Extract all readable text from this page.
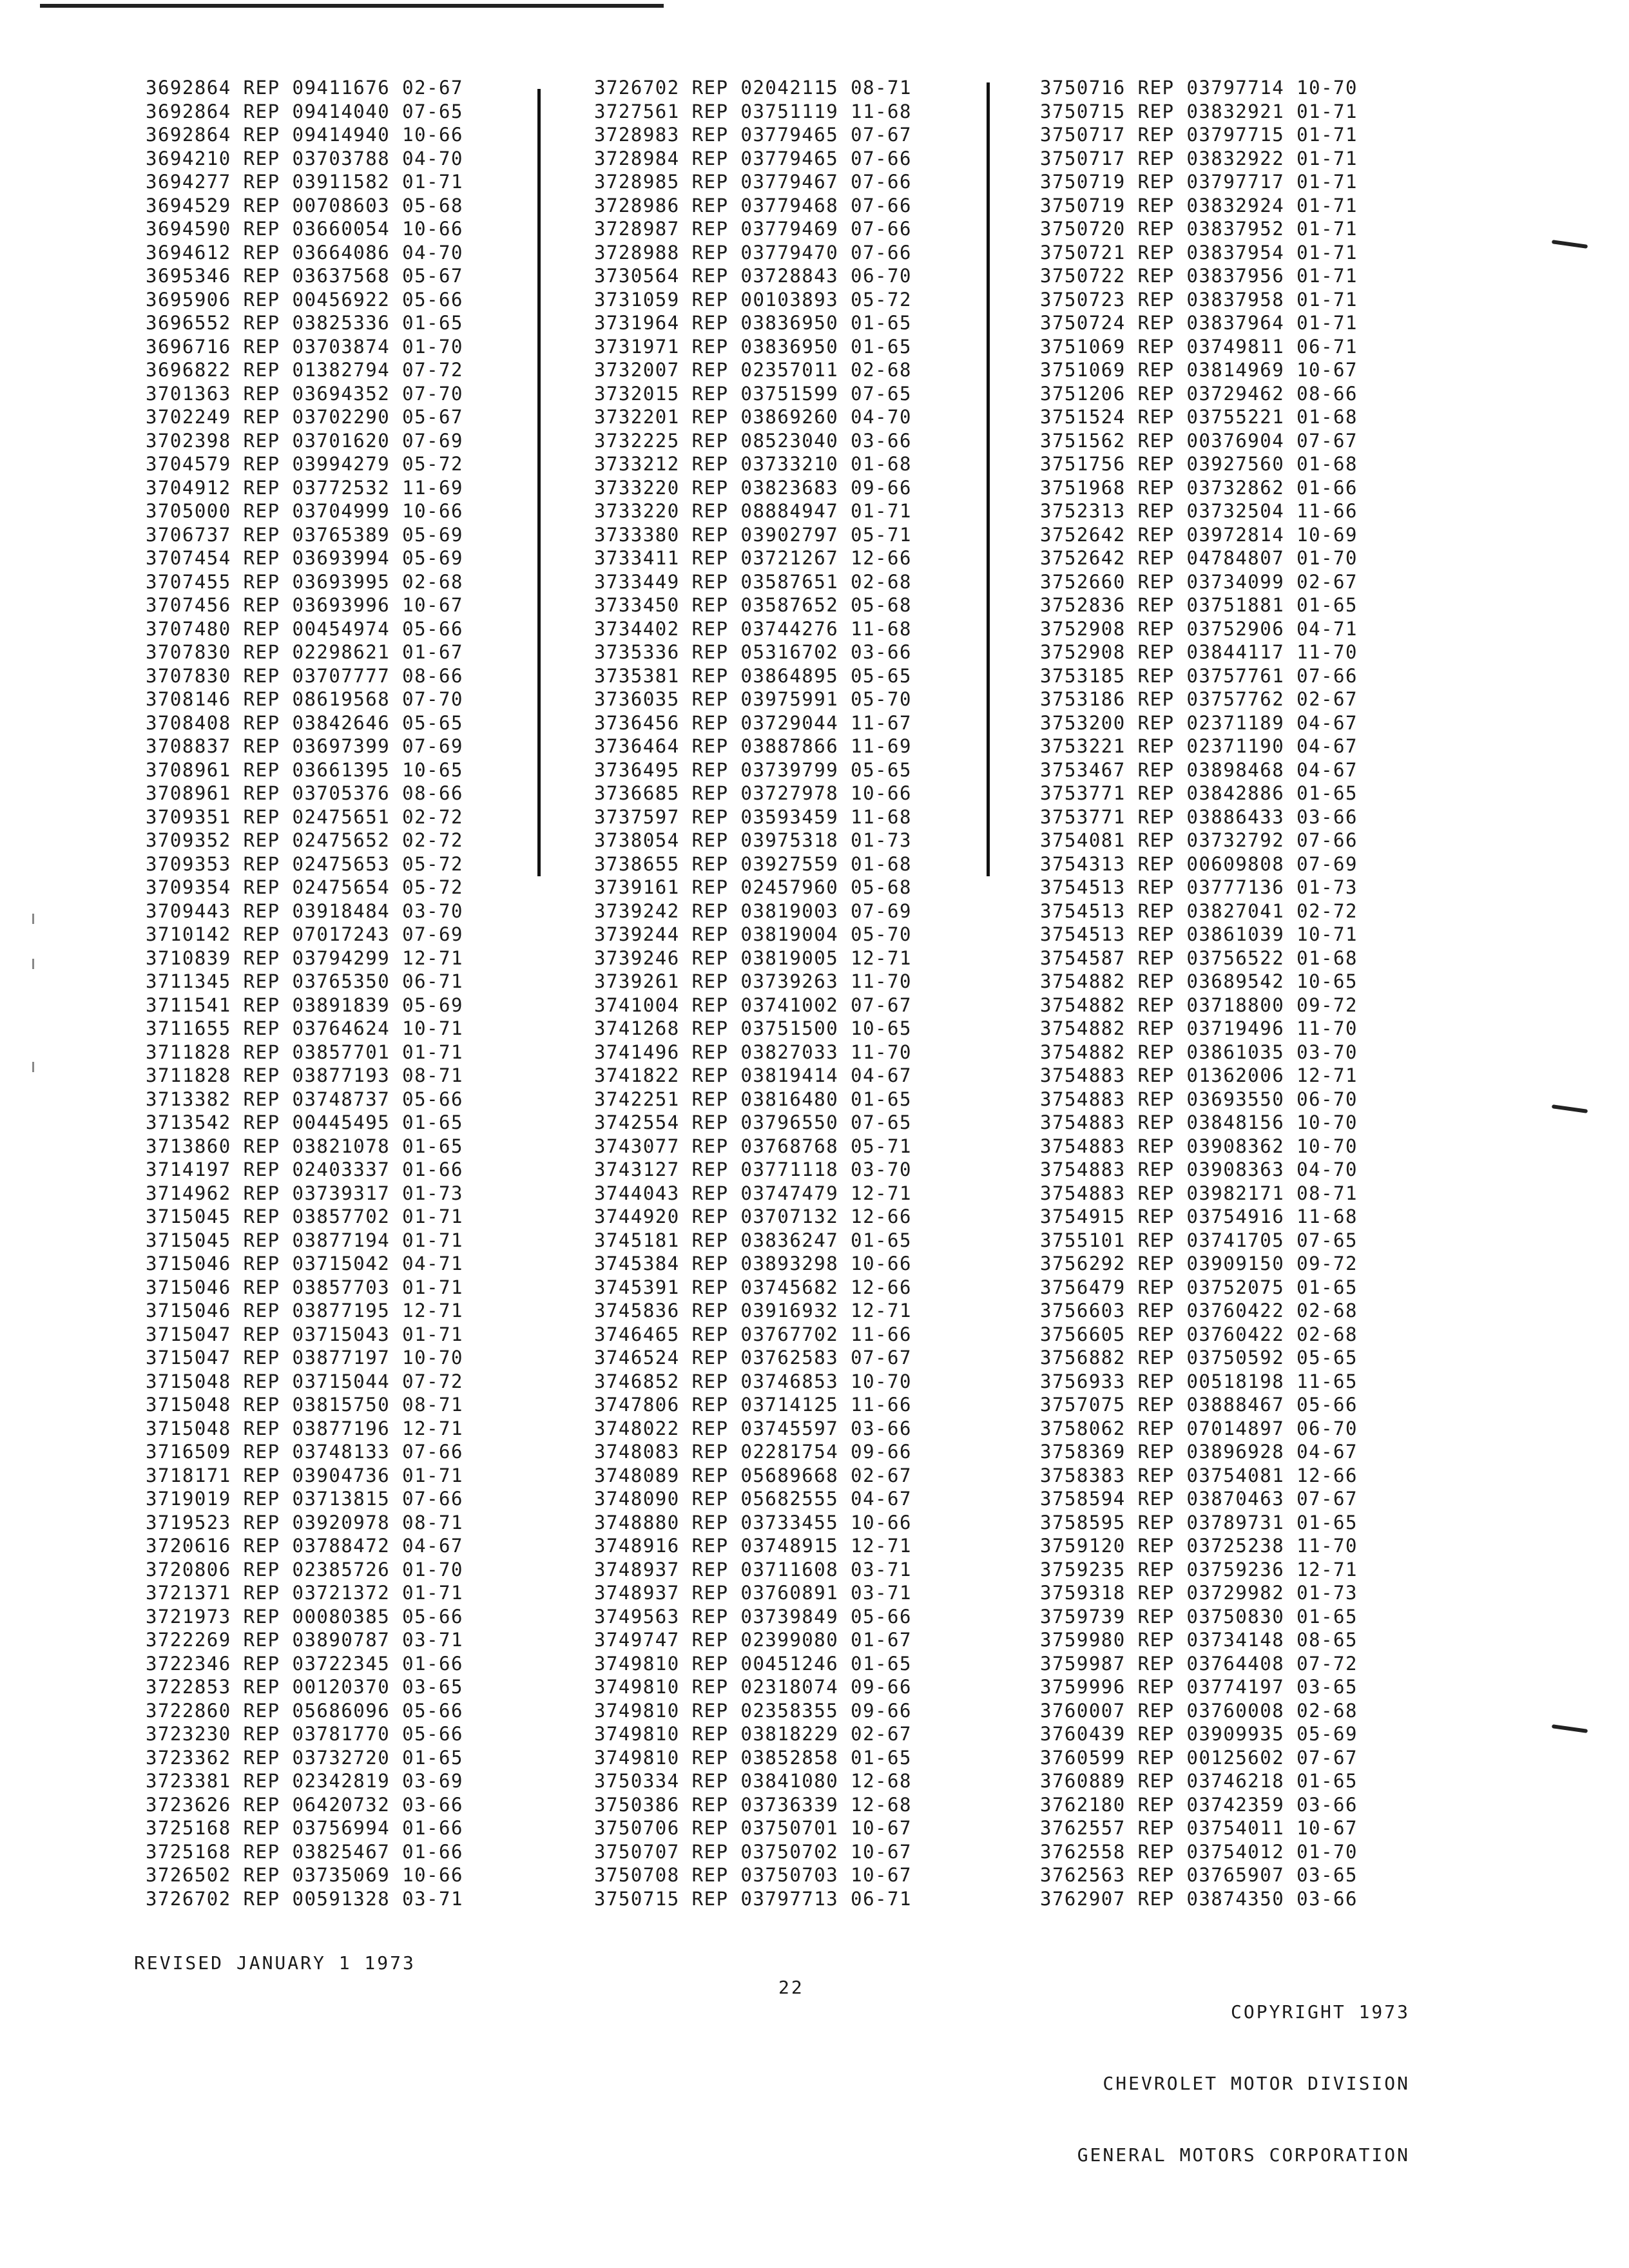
3692864 REP 09411676 02-67
3692864 REP 09414040 07-65
3692864 REP 09414940 10-66
3694210 REP 03703788 04-70
3694277 REP 03911582 01-71
3694529 REP 00708603 05-68
3694590 REP 03660054 10-66
3694612 REP 03664086 04-70
3695346 REP 03637568 05-67
3695906 REP 00456922 05-66
3696552 REP 03825336 01-65
3696716 REP 03703874 01-70
3696822 REP 01382794 07-72
3701363 REP 03694352 07-70
3702249 REP 03702290 05-67
3702398 REP 03701620 07-69
3704579 REP 03994279 05-72
3704912 REP 03772532 11-69
3705000 REP 03704999 10-66
3706737 REP 03765389 05-69
3707454 REP 03693994 05-69
3707455 REP 03693995 02-68
3707456 REP 03693996 10-67
3707480 REP 00454974 05-66
3707830 REP 02298621 01-67
3707830 REP 03707777 08-66
3708146 REP 08619568 07-70
3708408 REP 03842646 05-65
3708837 REP 03697399 07-69
3708961 REP 03661395 10-65
3708961 REP 03705376 08-66
3709351 REP 02475651 02-72
3709352 REP 02475652 02-72
3709353 REP 02475653 05-72
3709354 REP 02475654 05-72
3709443 REP 03918484 03-70
3710142 REP 07017243 07-69
3710839 REP 03794299 12-71
3711345 REP 03765350 06-71
3711541 REP 03891839 05-69
3711655 REP 03764624 10-71
3711828 REP 03857701 01-71
3711828 REP 03877193 08-71
3713382 REP 03748737 05-66
3713542 REP 00445495 01-65
3713860 REP 03821078 01-65
3714197 REP 02403337 01-66
3714962 REP 03739317 01-73
3715045 REP 03857702 01-71
3715045 REP 03877194 01-71
3715046 REP 03715042 04-71
3715046 REP 03857703 01-71
3715046 REP 03877195 12-71
3715047 REP 03715043 01-71
3715047 REP 03877197 10-70
3715048 REP 03715044 07-72
3715048 REP 03815750 08-71
3715048 REP 03877196 12-71
3716509 REP 03748133 07-66
3718171 REP 03904736 01-71
3719019 REP 03713815 07-66
3719523 REP 03920978 08-71
3720616 REP 03788472 04-67
3720806 REP 02385726 01-70
3721371 REP 03721372 01-71
3721973 REP 00080385 05-66
3722269 REP 03890787 03-71
3722346 REP 03722345 01-66
3722853 REP 00120370 03-65
3722860 REP 05686096 05-66
3723230 REP 03781770 05-66
3723362 REP 03732720 01-65
3723381 REP 02342819 03-69
3723626 REP 06420732 03-66
3725168 REP 03756994 01-66
3725168 REP 03825467 01-66
3726502 REP 03735069 10-66
3726702 REP 00591328 03-71
3726702 REP 02042115 08-71
3727561 REP 03751119 11-68
3728983 REP 03779465 07-67
3728984 REP 03779465 07-66
3728985 REP 03779467 07-66
3728986 REP 03779468 07-66
3728987 REP 03779469 07-66
3728988 REP 03779470 07-66
3730564 REP 03728843 06-70
3731059 REP 00103893 05-72
3731964 REP 03836950 01-65
3731971 REP 03836950 01-65
3732007 REP 02357011 02-68
3732015 REP 03751599 07-65
3732201 REP 03869260 04-70
3732225 REP 08523040 03-66
3733212 REP 03733210 01-68
3733220 REP 03823683 09-66
3733220 REP 08884947 01-71
3733380 REP 03902797 05-71
3733411 REP 03721267 12-66
3733449 REP 03587651 02-68
3733450 REP 03587652 05-68
3734402 REP 03744276 11-68
3735336 REP 05316702 03-66
3735381 REP 03864895 05-65
3736035 REP 03975991 05-70
3736456 REP 03729044 11-67
3736464 REP 03887866 11-69
3736495 REP 03739799 05-65
3736685 REP 03727978 10-66
3737597 REP 03593459 11-68
3738054 REP 03975318 01-73
3738655 REP 03927559 01-68
3739161 REP 02457960 05-68
3739242 REP 03819003 07-69
3739244 REP 03819004 05-70
3739246 REP 03819005 12-71
3739261 REP 03739263 11-70
3741004 REP 03741002 07-67
3741268 REP 03751500 10-65
3741496 REP 03827033 11-70
3741822 REP 03819414 04-67
3742251 REP 03816480 01-65
3742554 REP 03796550 07-65
3743077 REP 03768768 05-71
3743127 REP 03771118 03-70
3744043 REP 03747479 12-71
3744920 REP 03707132 12-66
3745181 REP 03836247 01-65
3745384 REP 03893298 10-66
3745391 REP 03745682 12-66
3745836 REP 03916932 12-71
3746465 REP 03767702 11-66
3746524 REP 03762583 07-67
3746852 REP 03746853 10-70
3747806 REP 03714125 11-66
3748022 REP 03745597 03-66
3748083 REP 02281754 09-66
3748089 REP 05689668 02-67
3748090 REP 05682555 04-67
3748880 REP 03733455 10-66
3748916 REP 03748915 12-71
3748937 REP 03711608 03-71
3748937 REP 03760891 03-71
3749563 REP 03739849 05-66
3749747 REP 02399080 01-67
3749810 REP 00451246 01-65
3749810 REP 02318074 09-66
3749810 REP 02358355 09-66
3749810 REP 03818229 02-67
3749810 REP 03852858 01-65
3750334 REP 03841080 12-68
3750386 REP 03736339 12-68
3750706 REP 03750701 10-67
3750707 REP 03750702 10-67
3750708 REP 03750703 10-67
3750715 REP 03797713 06-71
3750716 REP 03797714 10-70
3750715 REP 03832921 01-71
3750717 REP 03797715 01-71
3750717 REP 03832922 01-71
3750719 REP 03797717 01-71
3750719 REP 03832924 01-71
3750720 REP 03837952 01-71
3750721 REP 03837954 01-71
3750722 REP 03837956 01-71
3750723 REP 03837958 01-71
3750724 REP 03837964 01-71
3751069 REP 03749811 06-71
3751069 REP 03814969 10-67
3751206 REP 03729462 08-66
3751524 REP 03755221 01-68
3751562 REP 00376904 07-67
3751756 REP 03927560 01-68
3751968 REP 03732862 01-66
3752313 REP 03732504 11-66
3752642 REP 03972814 10-69
3752642 REP 04784807 01-70
3752660 REP 03734099 02-67
3752836 REP 03751881 01-65
3752908 REP 03752906 04-71
3752908 REP 03844117 11-70
3753185 REP 03757761 07-66
3753186 REP 03757762 02-67
3753200 REP 02371189 04-67
3753221 REP 02371190 04-67
3753467 REP 03898468 04-67
3753771 REP 03842886 01-65
3753771 REP 03886433 03-66
3754081 REP 03732792 07-66
3754313 REP 00609808 07-69
3754513 REP 03777136 01-73
3754513 REP 03827041 02-72
3754513 REP 03861039 10-71
3754587 REP 03756522 01-68
3754882 REP 03689542 10-65
3754882 REP 03718800 09-72
3754882 REP 03719496 11-70
3754882 REP 03861035 03-70
3754883 REP 01362006 12-71
3754883 REP 03693550 06-70
3754883 REP 03848156 10-70
3754883 REP 03908362 10-70
3754883 REP 03908363 04-70
3754883 REP 03982171 08-71
3754915 REP 03754916 11-68
3755101 REP 03741705 07-65
3756292 REP 03909150 09-72
3756479 REP 03752075 01-65
3756603 REP 03760422 02-68
3756605 REP 03760422 02-68
3756882 REP 03750592 05-65
3756933 REP 00518198 11-65
3757075 REP 03888467 05-66
3758062 REP 07014897 06-70
3758369 REP 03896928 04-67
3758383 REP 03754081 12-66
3758594 REP 03870463 07-67
3758595 REP 03789731 01-65
3759120 REP 03725238 11-70
3759235 REP 03759236 12-71
3759318 REP 03729982 01-73
3759739 REP 03750830 01-65
3759980 REP 03734148 08-65
3759987 REP 03764408 07-72
3759996 REP 03774197 03-65
3760007 REP 03760008 02-68
3760439 REP 03909935 05-69
3760599 REP 00125602 07-67
3760889 REP 03746218 01-65
3762180 REP 03742359 03-66
3762557 REP 03754011 10-67
3762558 REP 03754012 01-70
3762563 REP 03765907 03-65
3762907 REP 03874350 03-66
REVISED JANUARY 1 1973
22

COPYRIGHT 1973

CHEVROLET MOTOR DIVISION

GENERAL MOTORS CORPORATION
